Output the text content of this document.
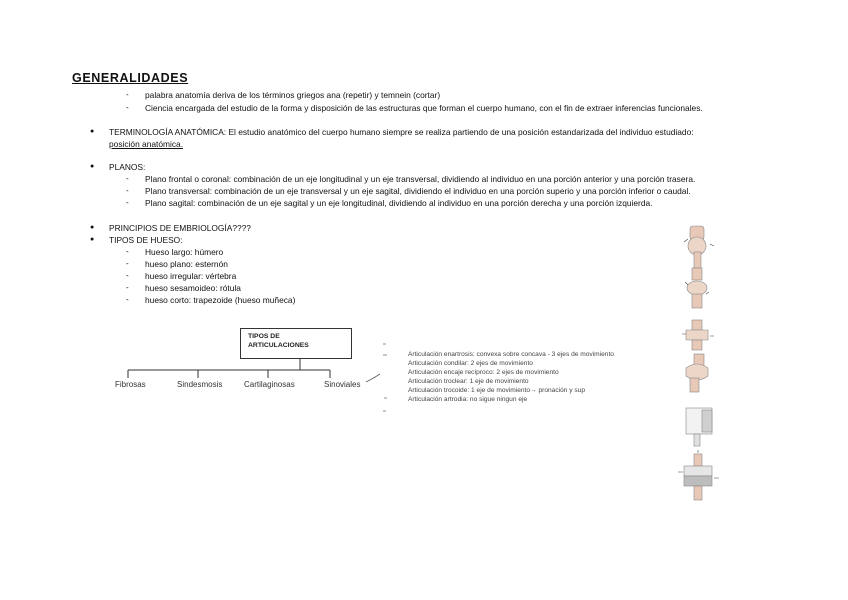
GENERALIDADES
- palabra anatomía deriva de los términos griegos ana (repetir) y temnein (cortar)
- Ciencia encargada del estudio de la forma y disposición de las estructuras que forman el cuerpo humano, con el fin de extraer inferencias funcionales.
● TERMINOLOGÍA ANATÓMICA: El estudio anatómico del cuerpo humano siempre se realiza partiendo de una posición estandarizada del individuo estudiado:
posición anatómica.
● PLANOS:
- Plano frontal o coronal: combinación de un eje longitudinal y un eje transversal, dividiendo al individuo en una porción anterior y una porción trasera.
- Plano transversal: combinación de un eje transversal y un eje sagital, dividiendo el individuo en una porción superio y una porción inferior o caudal.
- Plano sagital: combinación de un eje sagital y un eje longitudinal, dividiendo al individuo en una porción derecha y una porción izquierda.
● PRINCIPIOS DE EMBRIOLOGÍA????
● TIPOS DE HUESO:
- Hueso largo: húmero
- hueso plano: esternón
- hueso irregular: vértebra
- hueso sesamoideo: rótula
- hueso corto: trapezoide (hueso muñeca)
TIPOS DE
ARTICULACIONES
Fibrosas	Sindesmosis	Cartilaginosas	Sinoviales
Articulación enartrosis: convexa sobre concava - 3 ejes de movimiento
Articulación condilar: 2 ejes de movimiento
Articulación encaje recíproco: 2 ejes de movimiento
Articulación troclear: 1 eje de movimiento
Articulación trocoide: 1 eje de movimiento→ pronación y sup
Articulación artrodia: no sigue ningun eje
